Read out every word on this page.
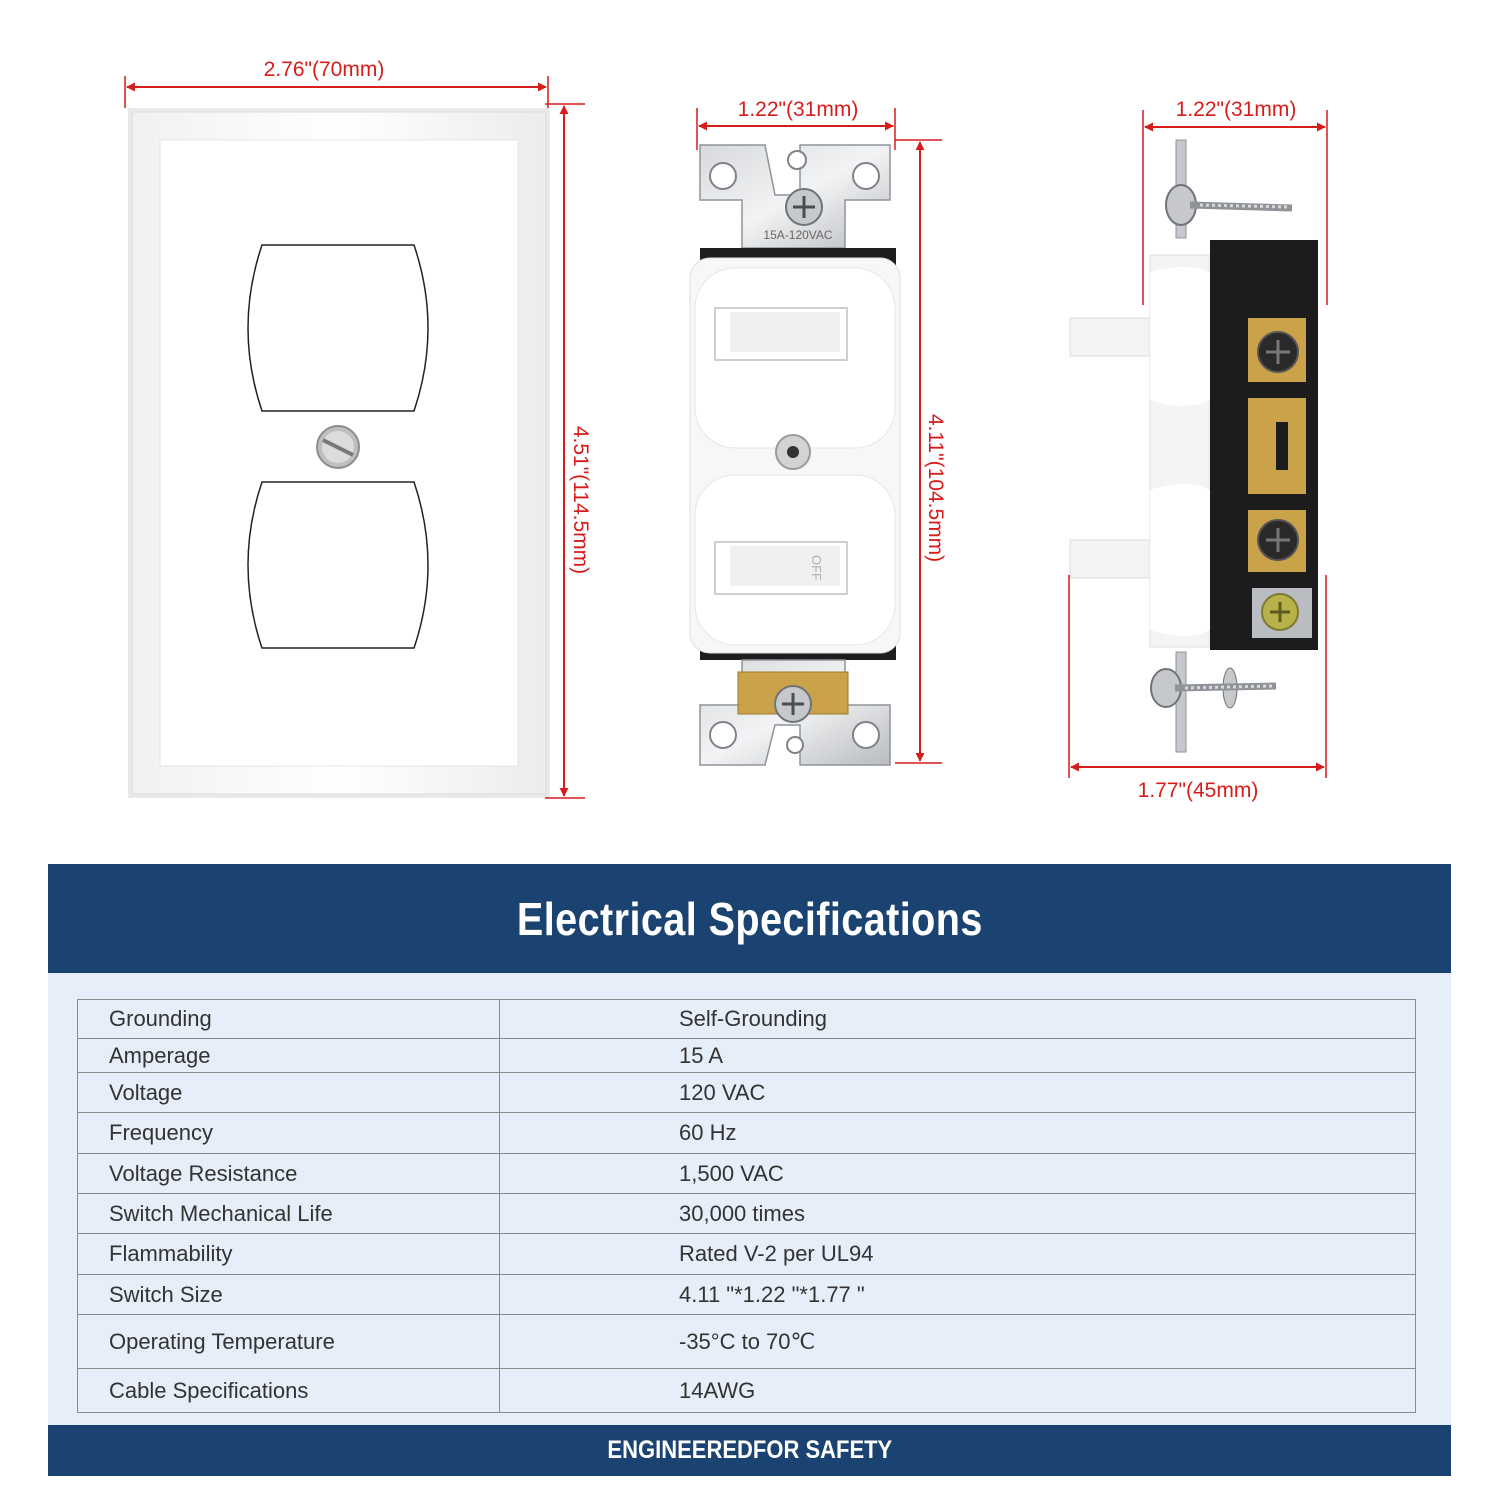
2.76"(70mm)
4.51"(114.5mm)
15A-120VAC
OFF
1.22"(31mm)
4.11"(104.5mm)
1.22"(31mm)
1.77"(45mm)
Electrical Specifications
Grounding	Self-Grounding
Amperage	15 A
Voltage	120 VAC
Frequency	60 Hz
Voltage Resistance	1,500 VAC
Switch Mechanical Life	30,000 times
Flammability	Rated V-2 per UL94
Switch Size	4.11 "*1.22 "*1.77 "
Operating Temperature	-35°C to 70℃
Cable Specifications	14AWG
ENGINEEREDFOR SAFETY
